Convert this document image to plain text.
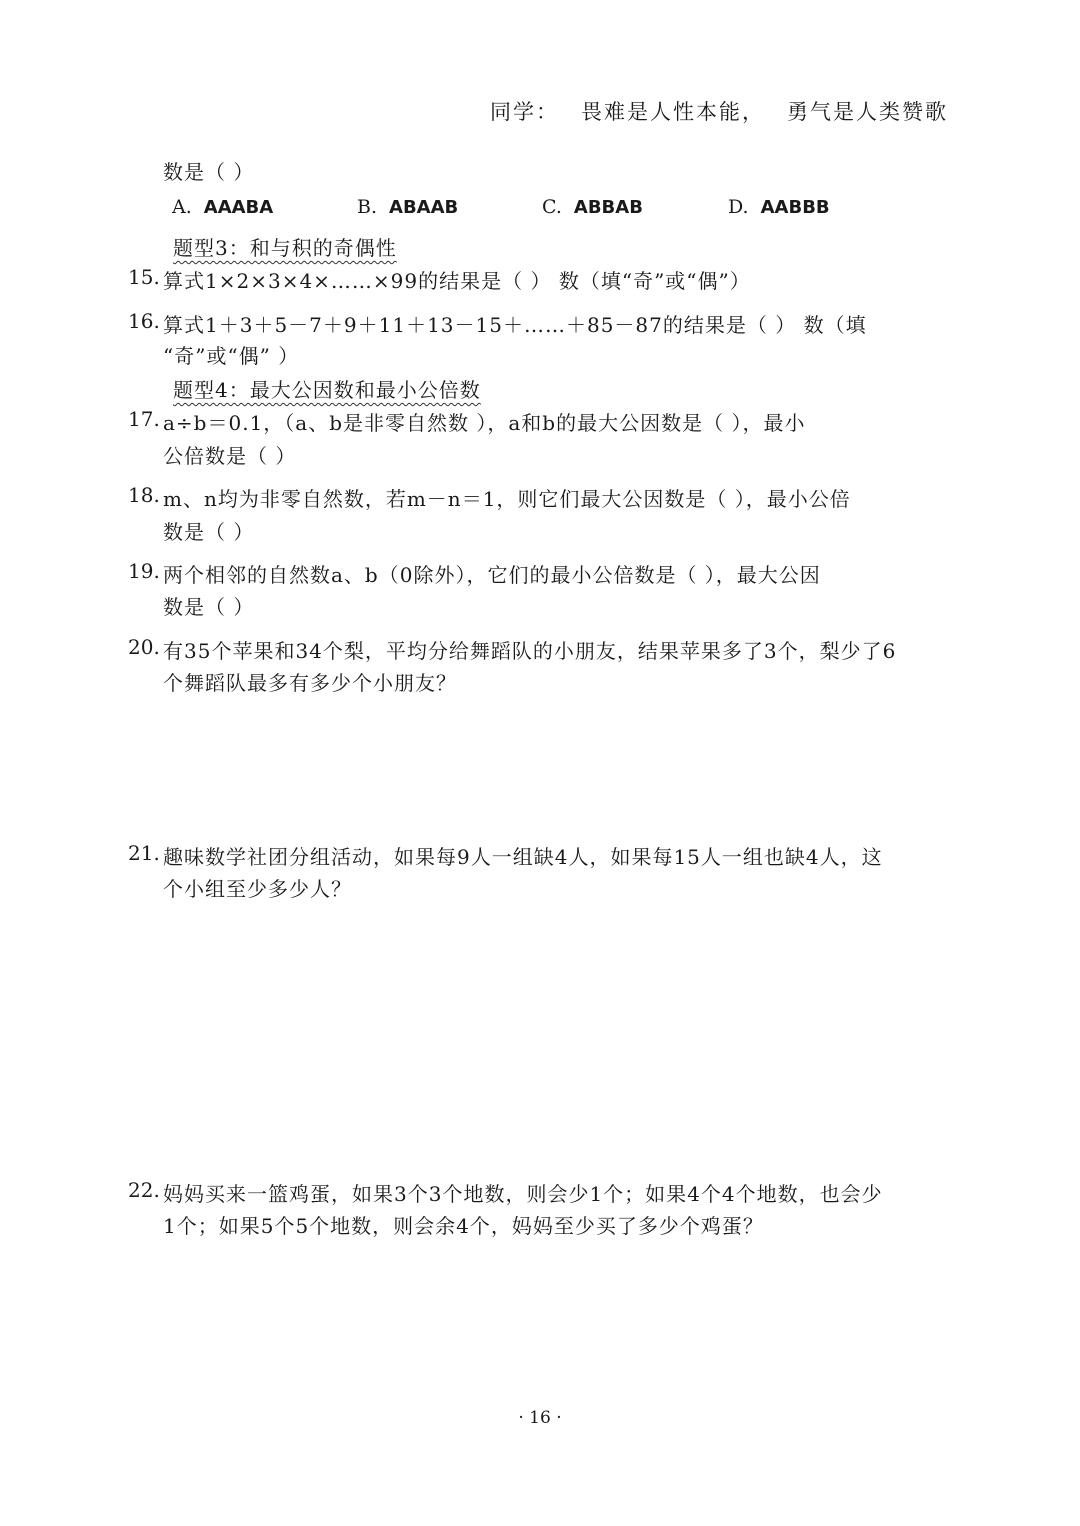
同学： 畏难是人性本能， 勇气是人类赞歌
数是（ ）
A. AAABA	B. ABAAB	C. ABBAB	D. AABBB
题型3：和与积的奇偶性
15. 算式1×2×3×4×……×99的结果是（ ） 数（填“奇”或“偶”）
16. 算式1＋3＋5－7＋9＋11＋13－15＋……＋85－87的结果是（ ） 数（填
“奇”或“偶” ）
题型4：最大公因数和最小公倍数
17. a÷b＝0.1，（a、b是非零自然数 ），a和b的最大公因数是（ ），最小
公倍数是（ ）
18. m、n均为非零自然数，若m－n＝1，则它们最大公因数是（ ），最小公倍
数是（ ）
19. 两个相邻的自然数a、b（0除外），它们的最小公倍数是（ ），最大公因
数是（ ）
20. 有35个苹果和34个梨，平均分给舞蹈队的小朋友，结果苹果多了3个，梨少了6
个舞蹈队最多有多少个小朋友？
21. 趣味数学社团分组活动，如果每9人一组缺4人，如果每15人一组也缺4人，这
个小组至少多少人？
22. 妈妈买来一篮鸡蛋，如果3个3个地数，则会少1个；如果4个4个地数，也会少
1个；如果5个5个地数，则会余4个，妈妈至少买了多少个鸡蛋？
· 16 ·
